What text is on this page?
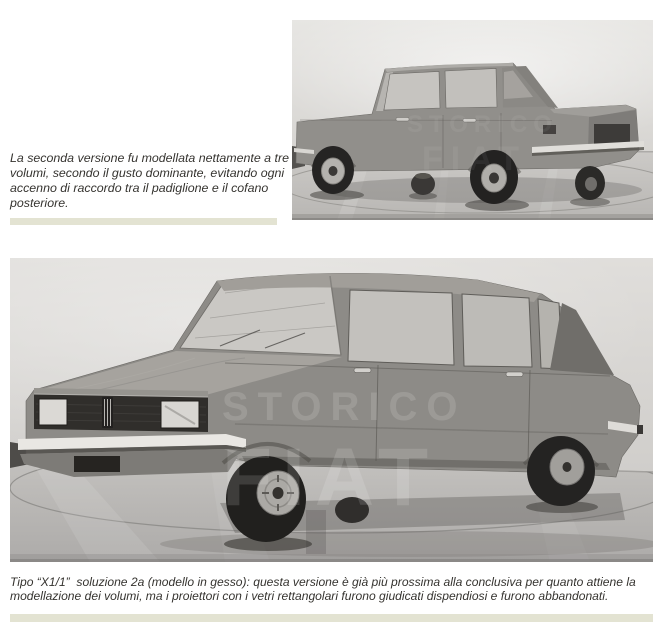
STORICO
FIAT
La seconda versione fu modellata nettamente a tre
volumi, secondo il gusto dominante, evitando ogni
accenno di raccordo tra il padiglione e il cofano
posteriore.
STORICO
FIAT
Tipo “X1/1”  soluzione 2a (modello in gesso): questa versione è già più prossima alla conclusiva per quanto attiene la
modellazione dei volumi, ma i proiettori con i vetri rettangolari furono giudicati dispendiosi e furono abbandonati.
